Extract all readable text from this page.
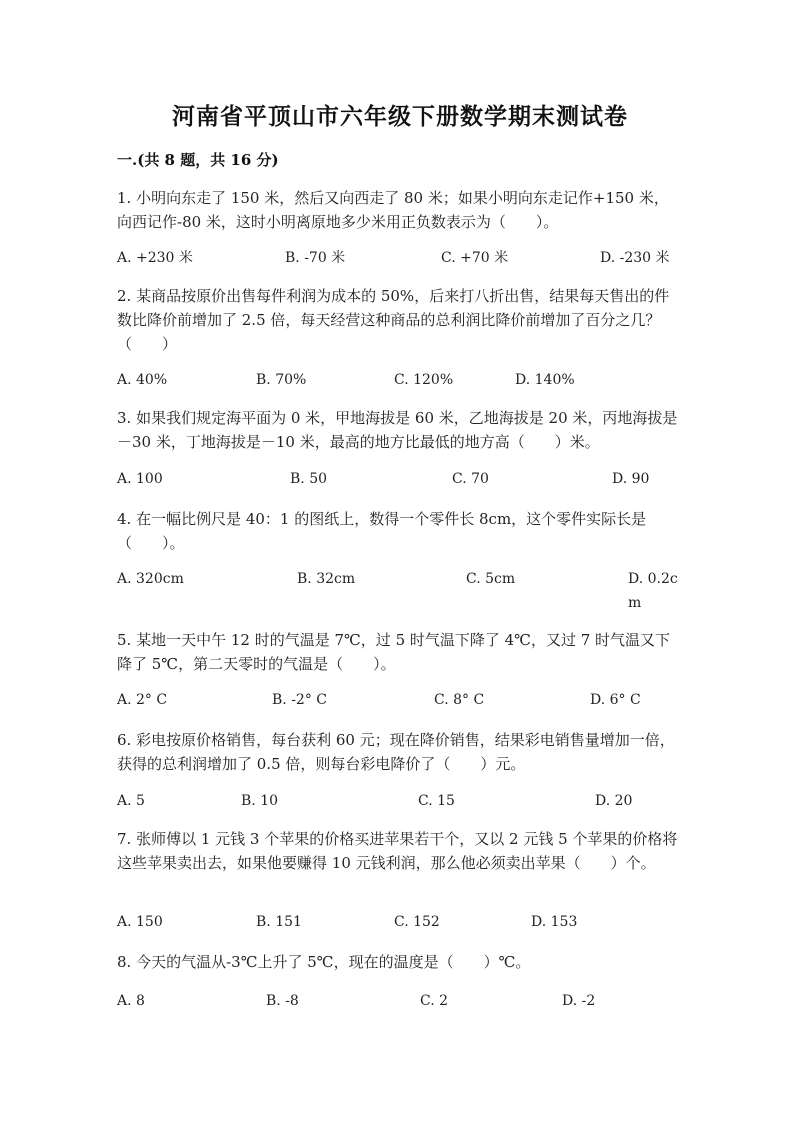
河南省平顶山市六年级下册数学期末测试卷
一.(共 8 题，共 16 分)
1. 小明向东走了 150 米，然后又向西走了 80 米；如果小明向东走记作+150 米，向西记作-80 米，这时小明离原地多少米用正负数表示为（　　）。
A. +230 米	B. -70 米	C. +70 米	D. -230 米
2. 某商品按原价出售每件利润为成本的 50%，后来打八折出售，结果每天售出的件数比降价前增加了 2.5 倍，每天经营这种商品的总利润比降价前增加了百分之几？（　　）
A. 40%	B. 70%	C. 120%	D. 140%
3. 如果我们规定海平面为 0 米，甲地海拔是 60 米，乙地海拔是 20 米，丙地海拔是－30 米，丁地海拔是－10 米，最高的地方比最低的地方高（　　）米。
A. 100	B. 50	C. 70	D. 90
4. 在一幅比例尺是 40：1 的图纸上，数得一个零件长 8cm，这个零件实际长是（　　）。
A. 320cm	B. 32cm	C. 5cm	D. 0.2cm
5. 某地一天中午 12 时的气温是 7℃，过 5 时气温下降了 4℃，又过 7 时气温又下降了 5℃，第二天零时的气温是（　　）。
A. 2° C	B. -2° C	C. 8° C	D. 6° C
6. 彩电按原价格销售，每台获利 60 元；现在降价销售，结果彩电销售量增加一倍，获得的总利润增加了 0.5 倍，则每台彩电降价了（　　）元。
A. 5	B. 10	C. 15	D. 20
7. 张师傅以 1 元钱 3 个苹果的价格买进苹果若干个，又以 2 元钱 5 个苹果的价格将这些苹果卖出去，如果他要赚得 10 元钱利润，那么他必须卖出苹果（　　）个。
A. 150	B. 151	C. 152	D. 153
8. 今天的气温从-3℃上升了 5℃，现在的温度是（　　）℃。
A. 8	B. -8	C. 2	D. -2
